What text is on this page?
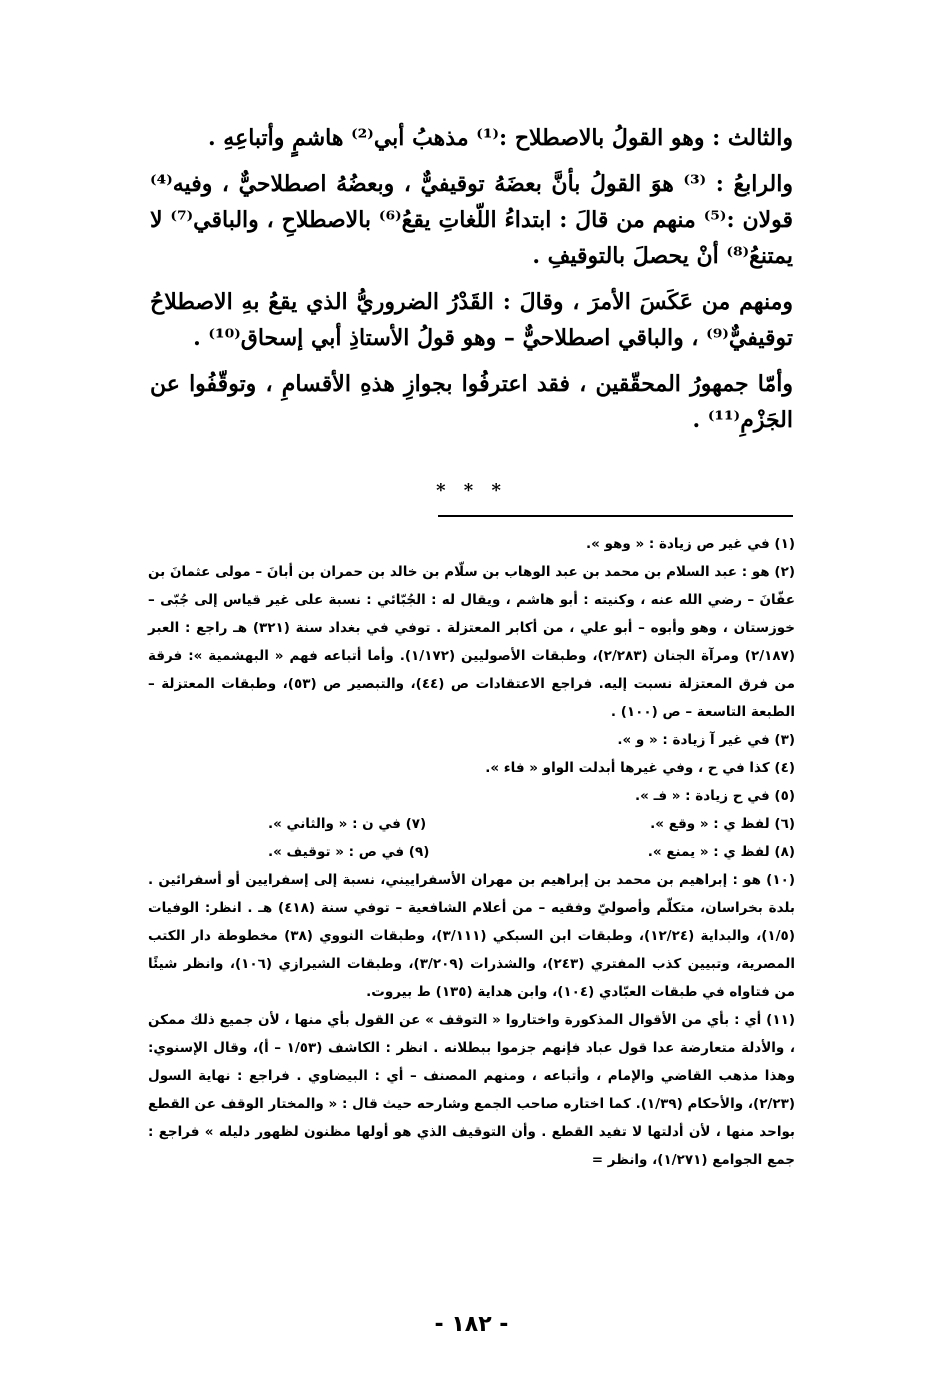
والثالث : وهو القولُ بالاصطلاح :⁽¹⁾ مذهبُ أبي⁽²⁾ هاشمٍ وأتباعِهِ .

والرابعُ : ⁽³⁾ هوَ القولُ بأنَّ بعضَهُ توقيفيٌّ ، وبعضُهُ اصطلاحيٌّ ، وفيه⁽⁴⁾ قولان :⁽⁵⁾ منهم من قالَ : ابتداءُ اللّغاتِ يقعُ⁽⁶⁾ بالاصطلاحِ ، والباقي⁽⁷⁾ لا يمتنعُ⁽⁸⁾ أنْ يحصلَ بالتوقيفِ .

ومنهم من عَكَسَ الأمرَ ، وقالَ : القَدْرُ الضروريُّ الذي يقعُ بهِ الاصطلاحُ توقيفيٌّ⁽⁹⁾ ، والباقي اصطلاحيٌّ – وهو قولُ الأستاذِ أبي إسحاق⁽¹⁰⁾ .

وأمّا جمهورُ المحقّقين ، فقد اعترفُوا بجوازِ هذهِ الأقسامِ ، وتوقّفُوا عن الجَزْمِ⁽¹¹⁾ .

* * *

(١) في غير ص زيادة : « وهو ».

(٢) هو : عبد السلام بن محمد بن عبد الوهاب بن سلّام بن خالد بن حمران بن أبانَ – مولى عثمانَ بن عفّانَ – رضي الله عنه ، وكنيته : أبو هاشم ، ويقال له : الجُبّائي : نسبة على غير قياس إلى جُبّى – خوزستان ، وهو وأبوه – أبو علي ، من أكابر المعتزلة . توفي في بغداد سنة (٣٢١) هـ راجع : العبر (٢/١٨٧) ومرآة الجنان (٢/٢٨٣)، وطبقات الأصوليين (١/١٧٢). وأما أتباعه فهم « البهشمية »: فرقة من فرق المعتزلة نسبت إليه. فراجع الاعتقادات ص (٤٤)، والتبصير ص (٥٣)، وطبقات المعتزلة – الطبعة التاسعة – ص (١٠٠) .

(٣) في غير آ زيادة : « و ».

(٤) كذا في ح ، وفي غيرها أبدلت الواو « فاء ».

(٥) في ح زيادة : « فـ ».

(٦) لفظ ي : « وقع ».
(٧) في ن : « والثاني ».
(٨) لفظ ي : « يمنع ».
(٩) في ص : « توقيف ».

(١٠) هو : إبراهيم بن محمد بن إبراهيم بن مهران الأسفراييني، نسبة إلى إسفرايين أو أسفرائين . بلدة بخراسان، متكلّم وأصوليّ وفقيه – من أعلام الشافعية – توفي سنة (٤١٨) هـ . انظر: الوفيات (١/٥)، والبداية (١٢/٢٤)، وطبقات ابن السبكي (٣/١١١)، وطبقات النووي (٣٨) مخطوطة دار الكتب المصرية، وتبيين كذب المفتري (٢٤٣)، والشذرات (٣/٢٠٩)، وطبقات الشيرازي (١٠٦)، وانظر شيئًا من فتاواه في طبقات العبّادي (١٠٤)، وابن هداية (١٣٥) ط بيروت.

(١١) أي : بأي من الأقوال المذكورة واختاروا « التوقف » عن القول بأي منها ، لأن جميع ذلك ممكن ، والأدلة متعارضة عدا قول عباد فإنهم جزموا ببطلانه . انظر : الكاشف (١/٥٣ – أ)، وقال الإسنوي: وهذا مذهب القاضي والإمام ، وأتباعه ، ومنهم المصنف – أي : البيضاوي . فراجع : نهاية السول (٢/٢٣)، والأحكام (١/٣٩). كما اختاره صاحب الجمع وشارحه حيث قال : « والمختار الوقف عن القطع بواحد منها ، لأن أدلتها لا تفيد القطع . وأن التوقيف الذي هو أولها مظنون لظهور دليله » فراجع : جمع الجوامع (١/٢٧١)، وانظر =

- ١٨٢ -
